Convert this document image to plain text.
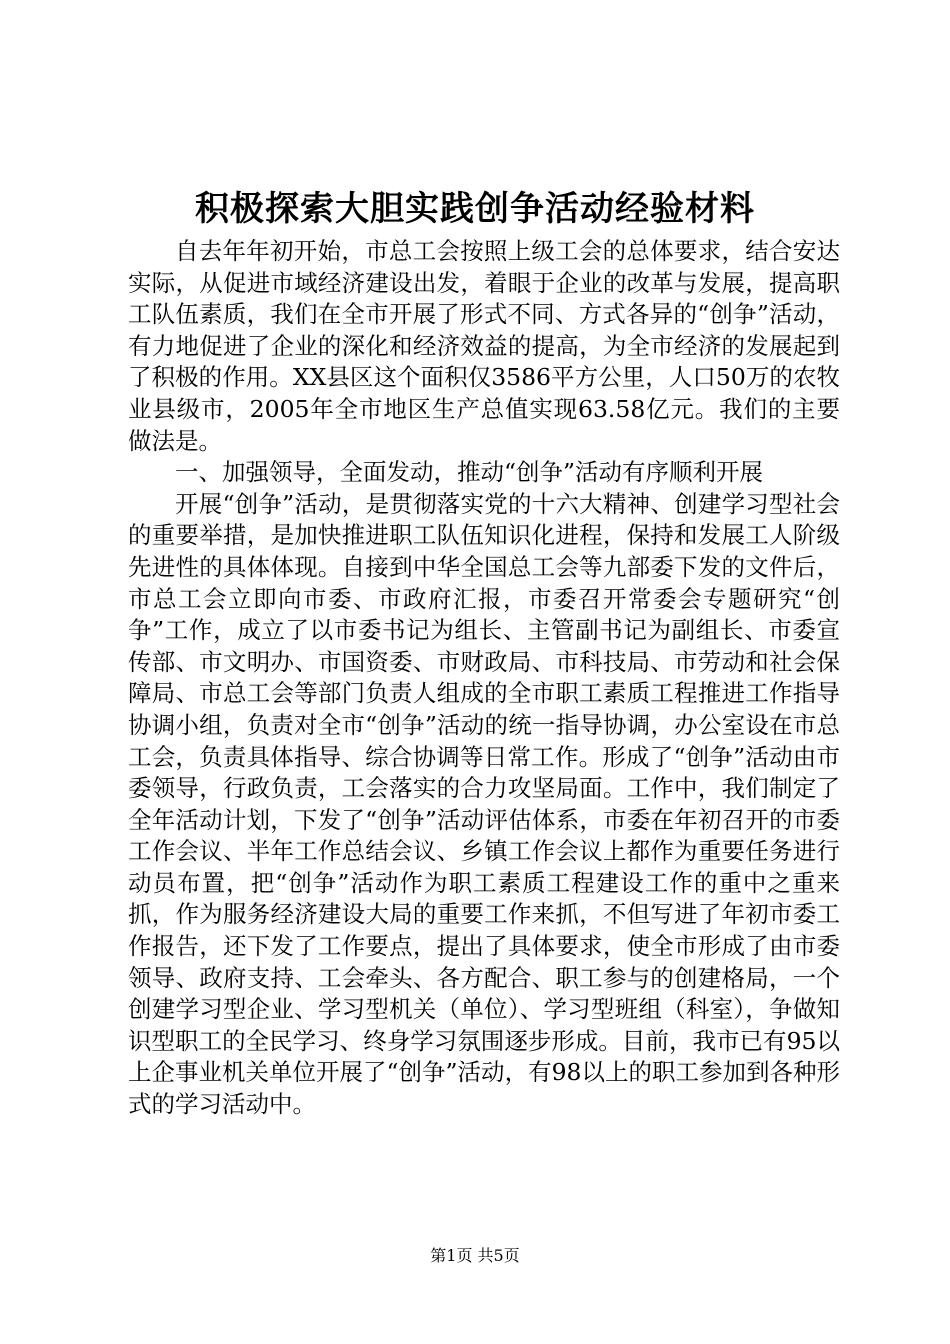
积极探索大胆实践创争活动经验材料

自去年年初开始，市总工会按照上级工会的总体要求，结合安达实际，从促进市域经济建设出发，着眼于企业的改革与发展，提高职工队伍素质，我们在全市开展了形式不同、方式各异的“创争”活动，有力地促进了企业的深化和经济效益的提高，为全市经济的发展起到了积极的作用。XX县区这个面积仅3586平方公里，人口50万的农牧业县级市，2005年全市地区生产总值实现63.58亿元。我们的主要做法是。

一、加强领导，全面发动，推动“创争”活动有序顺利开展

开展“创争”活动，是贯彻落实党的十六大精神、创建学习型社会的重要举措，是加快推进职工队伍知识化进程，保持和发展工人阶级先进性的具体体现。自接到中华全国总工会等九部委下发的文件后，市总工会立即向市委、市政府汇报，市委召开常委会专题研究“创争”工作，成立了以市委书记为组长、主管副书记为副组长、市委宣传部、市文明办、市国资委、市财政局、市科技局、市劳动和社会保障局、市总工会等部门负责人组成的全市职工素质工程推进工作指导协调小组，负责对全市“创争”活动的统一指导协调，办公室设在市总工会，负责具体指导、综合协调等日常工作。形成了“创争”活动由市委领导，行政负责，工会落实的合力攻坚局面。工作中，我们制定了全年活动计划，下发了“创争”活动评估体系，市委在年初召开的市委工作会议、半年工作总结会议、乡镇工作会议上都作为重要任务进行动员布置，把“创争”活动作为职工素质工程建设工作的重中之重来抓，作为服务经济建设大局的重要工作来抓，不但写进了年初市委工作报告，还下发了工作要点，提出了具体要求，使全市形成了由市委领导、政府支持、工会牵头、各方配合、职工参与的创建格局，一个创建学习型企业、学习型机关（单位）、学习型班组（科室），争做知识型职工的全民学习、终身学习氛围逐步形成。目前，我市已有95以上企事业机关单位开展了“创争”活动，有98以上的职工参加到各种形式的学习活动中。

第1页 共5页
